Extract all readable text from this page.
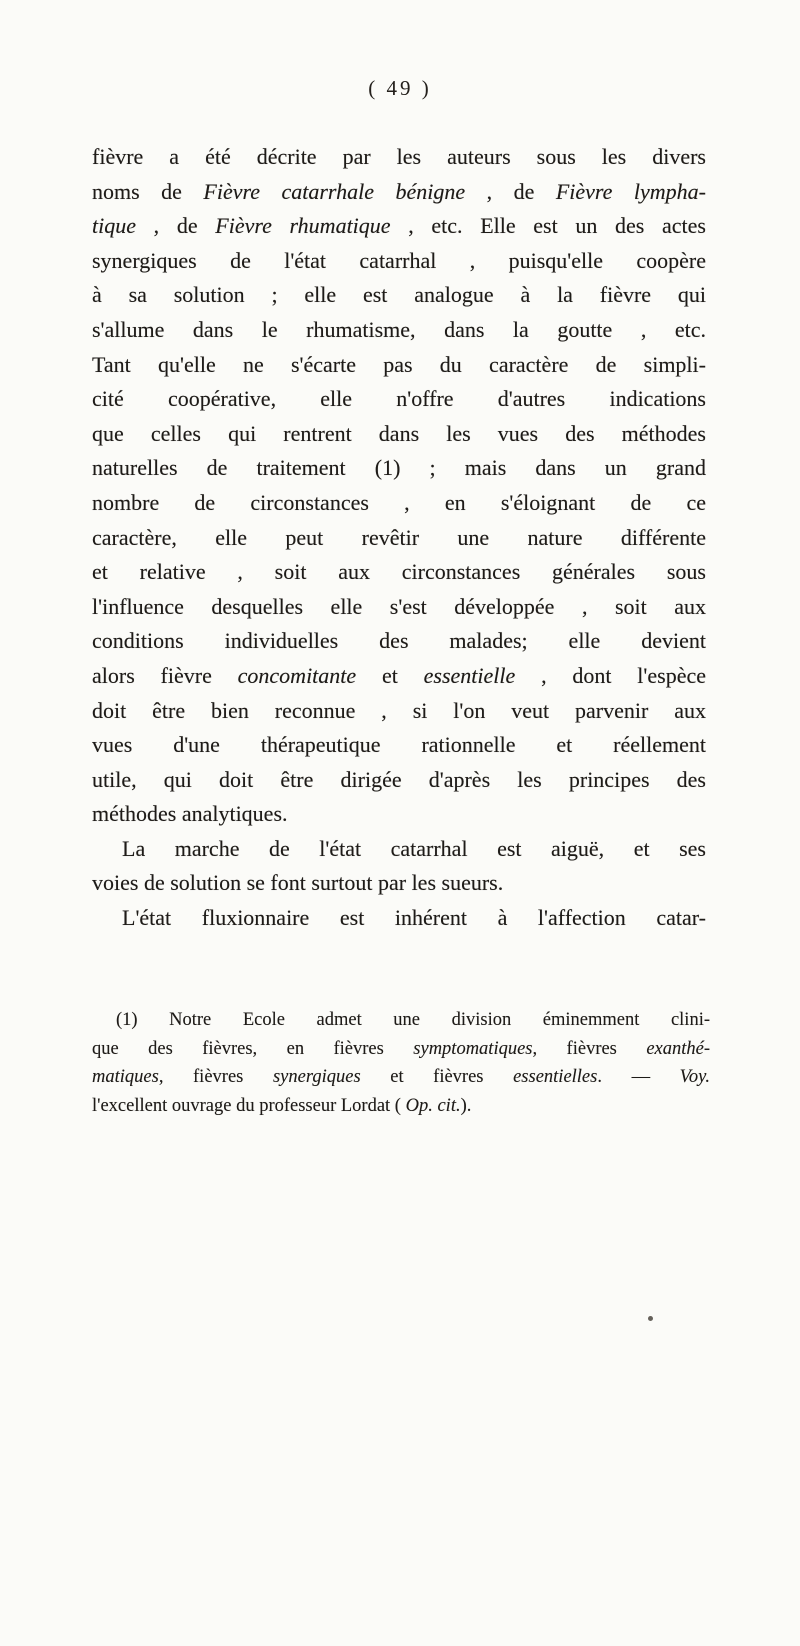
( 49 )
fièvre a été décrite par les auteurs sous les divers
noms de Fièvre catarrhale bénigne , de Fièvre lympha-
tique , de Fièvre rhumatique , etc. Elle est un des actes
synergiques de l'état catarrhal , puisqu'elle coopère
à sa solution ; elle est analogue à la fièvre qui
s'allume dans le rhumatisme, dans la goutte , etc.
Tant qu'elle ne s'écarte pas du caractère de simpli-
cité coopérative, elle n'offre d'autres indications
que celles qui rentrent dans les vues des méthodes
naturelles de traitement (1) ; mais dans un grand
nombre de circonstances , en s'éloignant de ce
caractère, elle peut revêtir une nature différente
et relative , soit aux circonstances générales sous
l'influence desquelles elle s'est développée , soit aux
conditions individuelles des malades; elle devient
alors fièvre concomitante et essentielle , dont l'espèce
doit être bien reconnue , si l'on veut parvenir aux
vues d'une thérapeutique rationnelle et réellement
utile, qui doit être dirigée d'après les principes des
méthodes analytiques.
La marche de l'état catarrhal est aiguë, et ses
voies de solution se font surtout par les sueurs.
L'état fluxionnaire est inhérent à l'affection catar-
(1) Notre Ecole admet une division éminemment clini-
que des fièvres, en fièvres symptomatiques, fièvres exanthé-
matiques, fièvres synergiques et fièvres essentielles. — Voy.
l'excellent ouvrage du professeur Lordat ( Op. cit.).
